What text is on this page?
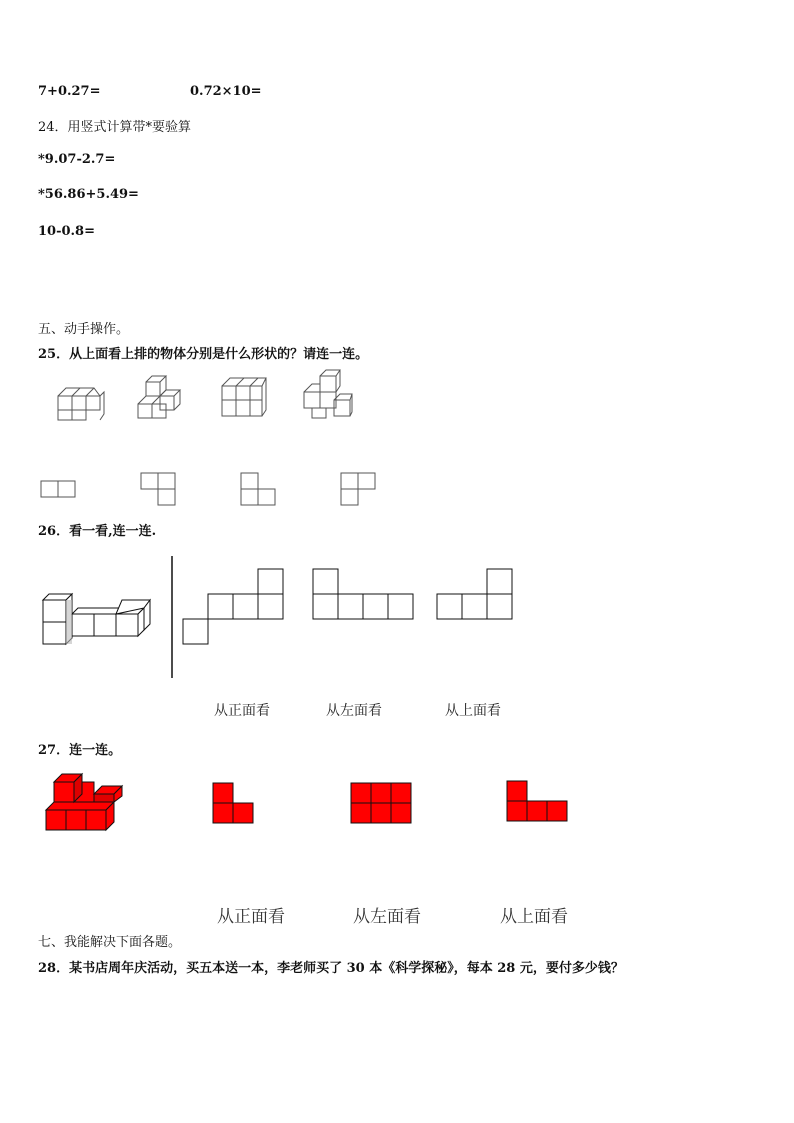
7+0.27=	0.72×10=
24．用竖式计算带*要验算
*9.07-2.7=
*56.86+5.49=
10-0.8=
五、动手操作。
25．从上面看上排的物体分别是什么形状的？请连一连。
26．看一看,连一连.
从正面看	从左面看	从上面看
27．连一连。
从正面看	从左面看	从上面看
七、我能解决下面各题。
28．某书店周年庆活动，买五本送一本，李老师买了 30 本《科学探秘》，每本 28 元，要付多少钱？
